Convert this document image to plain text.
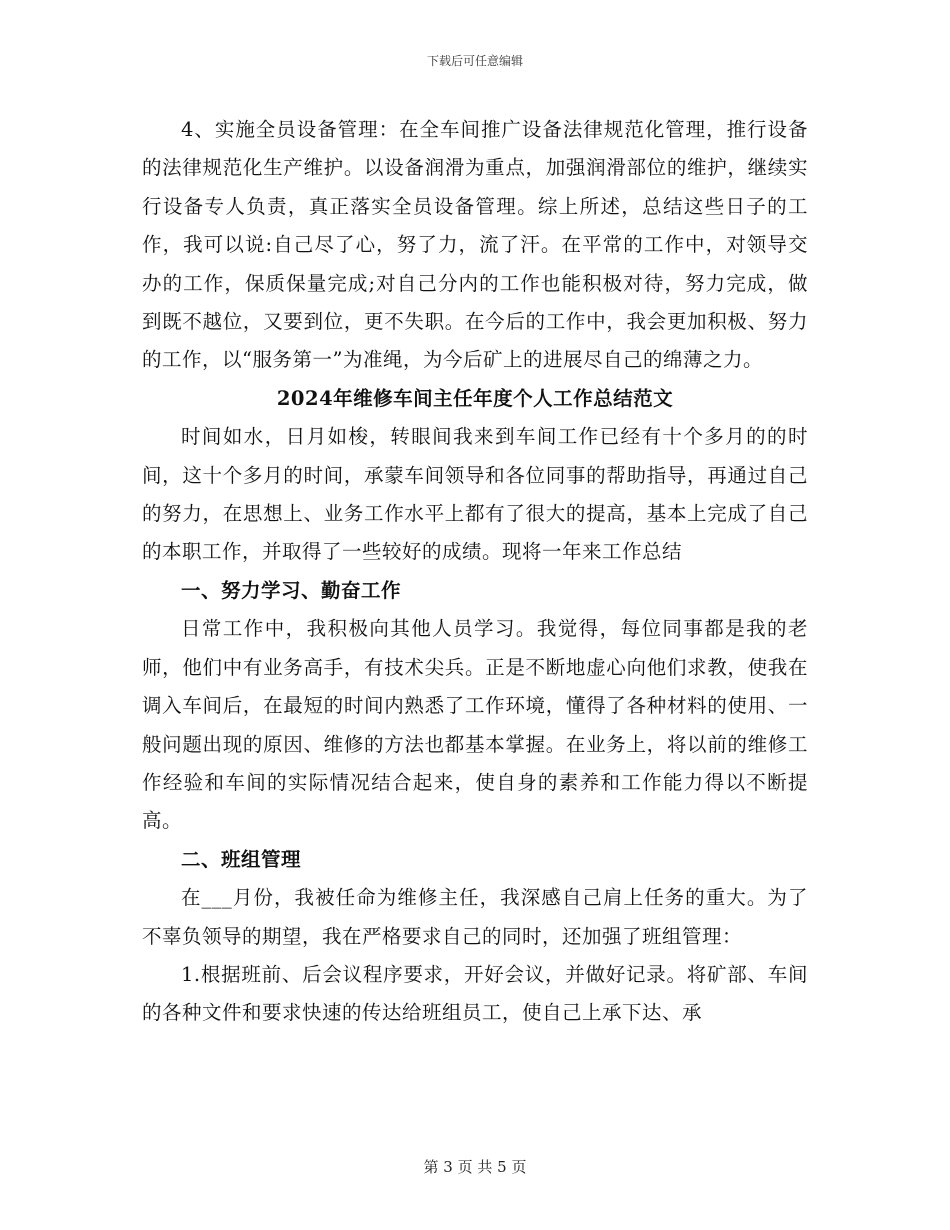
下载后可任意编辑

4、实施全员设备管理：在全车间推广设备法律规范化管理，推行设备的法律规范化生产维护。以设备润滑为重点，加强润滑部位的维护，继续实行设备专人负责，真正落实全员设备管理。综上所述，总结这些日子的工作，我可以说:自己尽了心，努了力，流了汗。在平常的工作中，对领导交办的工作，保质保量完成;对自己分内的工作也能积极对待，努力完成，做到既不越位，又要到位，更不失职。在今后的工作中，我会更加积极、努力的工作，以“服务第一”为准绳，为今后矿上的进展尽自己的绵薄之力。

2024年维修车间主任年度个人工作总结范文

时间如水，日月如梭，转眼间我来到车间工作已经有十个多月的的时间，这十个多月的时间，承蒙车间领导和各位同事的帮助指导，再通过自己的努力，在思想上、业务工作水平上都有了很大的提高，基本上完成了自己的本职工作，并取得了一些较好的成绩。现将一年来工作总结

一、努力学习、勤奋工作

日常工作中，我积极向其他人员学习。我觉得，每位同事都是我的老师，他们中有业务高手，有技术尖兵。正是不断地虚心向他们求教，使我在调入车间后，在最短的时间内熟悉了工作环境，懂得了各种材料的使用、一般问题出现的原因、维修的方法也都基本掌握。在业务上，将以前的维修工作经验和车间的实际情况结合起来，使自身的素养和工作能力得以不断提高。

二、班组管理

在___月份，我被任命为维修主任，我深感自己肩上任务的重大。为了不辜负领导的期望，我在严格要求自己的同时，还加强了班组管理：

1.根据班前、后会议程序要求，开好会议，并做好记录。将矿部、车间的各种文件和要求快速的传达给班组员工，使自己上承下达、承

第 3 页 共 5 页
